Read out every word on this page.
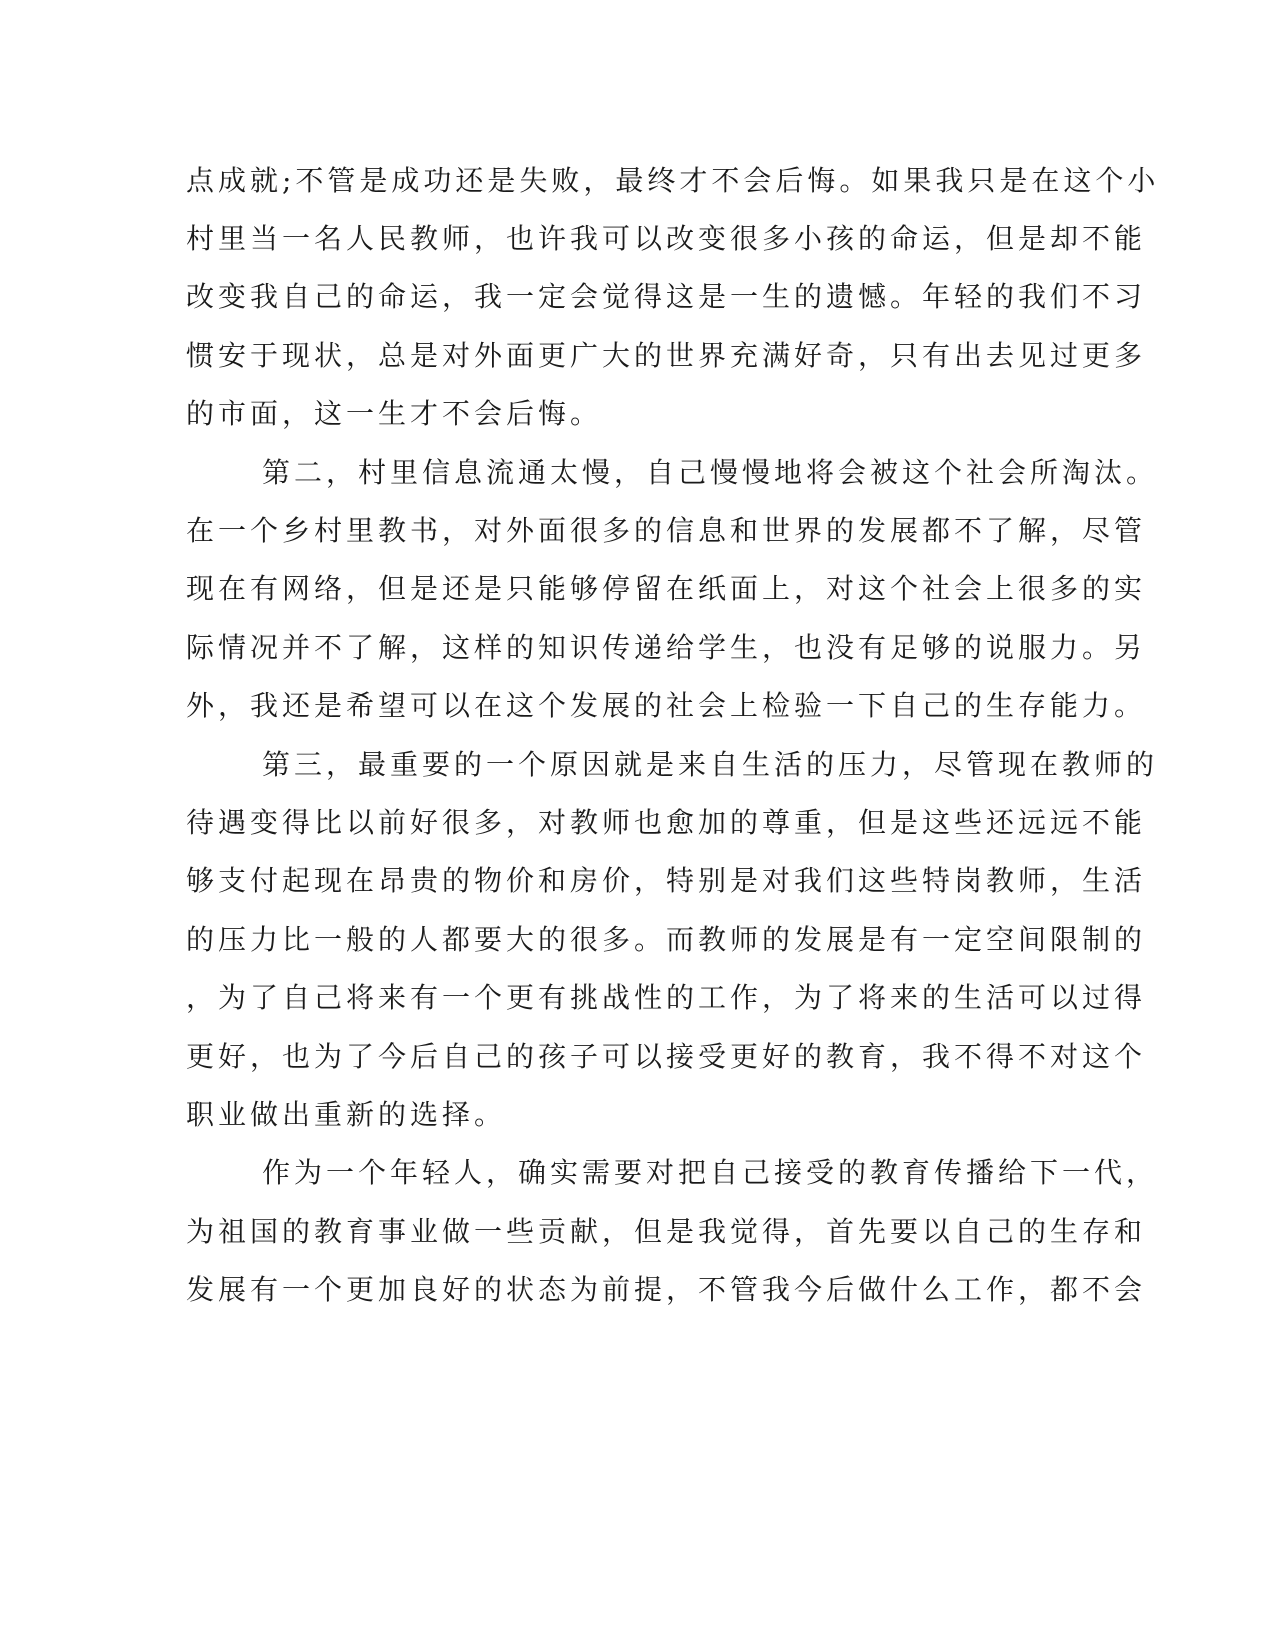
点成就;不管是成功还是失败，最终才不会后悔。如果我只是在这个小
村里当一名人民教师，也许我可以改变很多小孩的命运，但是却不能
改变我自己的命运，我一定会觉得这是一生的遗憾。年轻的我们不习
惯安于现状，总是对外面更广大的世界充满好奇，只有出去见过更多
的市面，这一生才不会后悔。
第二，村里信息流通太慢，自己慢慢地将会被这个社会所淘汰。
在一个乡村里教书，对外面很多的信息和世界的发展都不了解，尽管
现在有网络，但是还是只能够停留在纸面上，对这个社会上很多的实
际情况并不了解，这样的知识传递给学生，也没有足够的说服力。另
外，我还是希望可以在这个发展的社会上检验一下自己的生存能力。
第三，最重要的一个原因就是来自生活的压力，尽管现在教师的
待遇变得比以前好很多，对教师也愈加的尊重，但是这些还远远不能
够支付起现在昂贵的物价和房价，特别是对我们这些特岗教师，生活
的压力比一般的人都要大的很多。而教师的发展是有一定空间限制的
，为了自己将来有一个更有挑战性的工作，为了将来的生活可以过得
更好，也为了今后自己的孩子可以接受更好的教育，我不得不对这个
职业做出重新的选择。
作为一个年轻人，确实需要对把自己接受的教育传播给下一代，
为祖国的教育事业做一些贡献，但是我觉得，首先要以自己的生存和
发展有一个更加良好的状态为前提，不管我今后做什么工作，都不会
